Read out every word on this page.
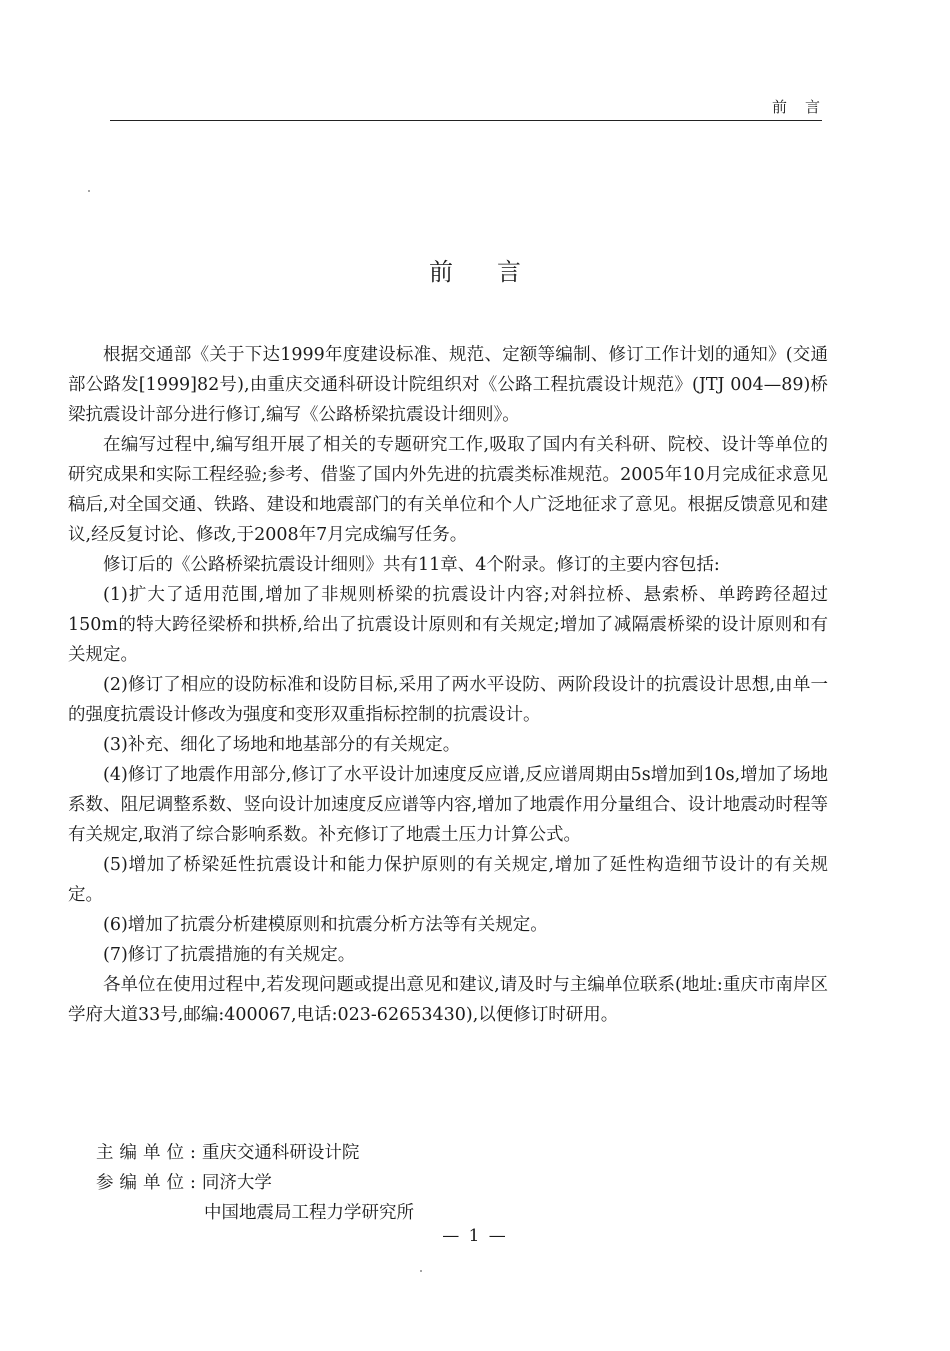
前言
前言

根据交通部《关于下达1999年度建设标准、规范、定额等编制、修订工作计划的通知》(交通部公路发[1999]82号),由重庆交通科研设计院组织对《公路工程抗震设计规范》(JTJ 004—89)桥梁抗震设计部分进行修订,编写《公路桥梁抗震设计细则》。

在编写过程中,编写组开展了相关的专题研究工作,吸取了国内有关科研、院校、设计等单位的研究成果和实际工程经验;参考、借鉴了国内外先进的抗震类标准规范。2005年10月完成征求意见稿后,对全国交通、铁路、建设和地震部门的有关单位和个人广泛地征求了意见。根据反馈意见和建议,经反复讨论、修改,于2008年7月完成编写任务。

修订后的《公路桥梁抗震设计细则》共有11章、4个附录。修订的主要内容包括:

(1)扩大了适用范围,增加了非规则桥梁的抗震设计内容;对斜拉桥、悬索桥、单跨跨径超过150m的特大跨径梁桥和拱桥,给出了抗震设计原则和有关规定;增加了减隔震桥梁的设计原则和有关规定。

(2)修订了相应的设防标准和设防目标,采用了两水平设防、两阶段设计的抗震设计思想,由单一的强度抗震设计修改为强度和变形双重指标控制的抗震设计。

(3)补充、细化了场地和地基部分的有关规定。

(4)修订了地震作用部分,修订了水平设计加速度反应谱,反应谱周期由5s增加到10s,增加了场地系数、阻尼调整系数、竖向设计加速度反应谱等内容,增加了地震作用分量组合、设计地震动时程等有关规定,取消了综合影响系数。补充修订了地震土压力计算公式。

(5)增加了桥梁延性抗震设计和能力保护原则的有关规定,增加了延性构造细节设计的有关规定。

(6)增加了抗震分析建模原则和抗震分析方法等有关规定。

(7)修订了抗震措施的有关规定。

各单位在使用过程中,若发现问题或提出意见和建议,请及时与主编单位联系(地址:重庆市南岸区学府大道33号,邮编:400067,电话:023-62653430),以便修订时研用。

主编单位:重庆交通科研设计院
参编单位:同济大学
中国地震局工程力学研究所
— 1 —
